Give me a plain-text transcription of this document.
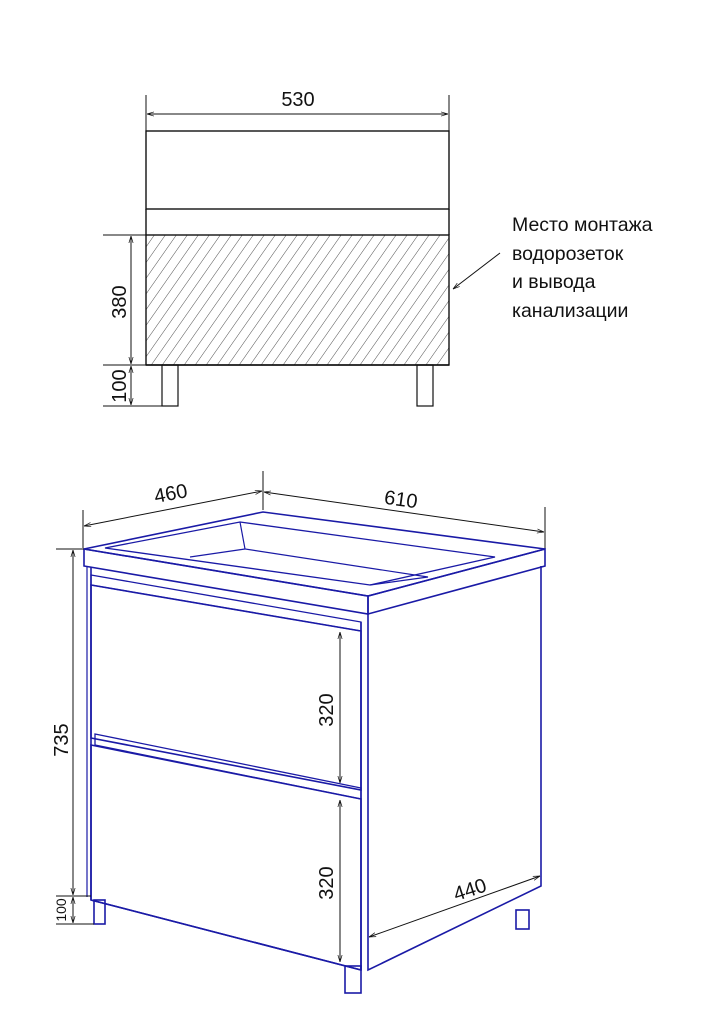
530
380
100
460	610
735
100
320
320	440
Место монтажа
водорозеток
и вывода
канализации
